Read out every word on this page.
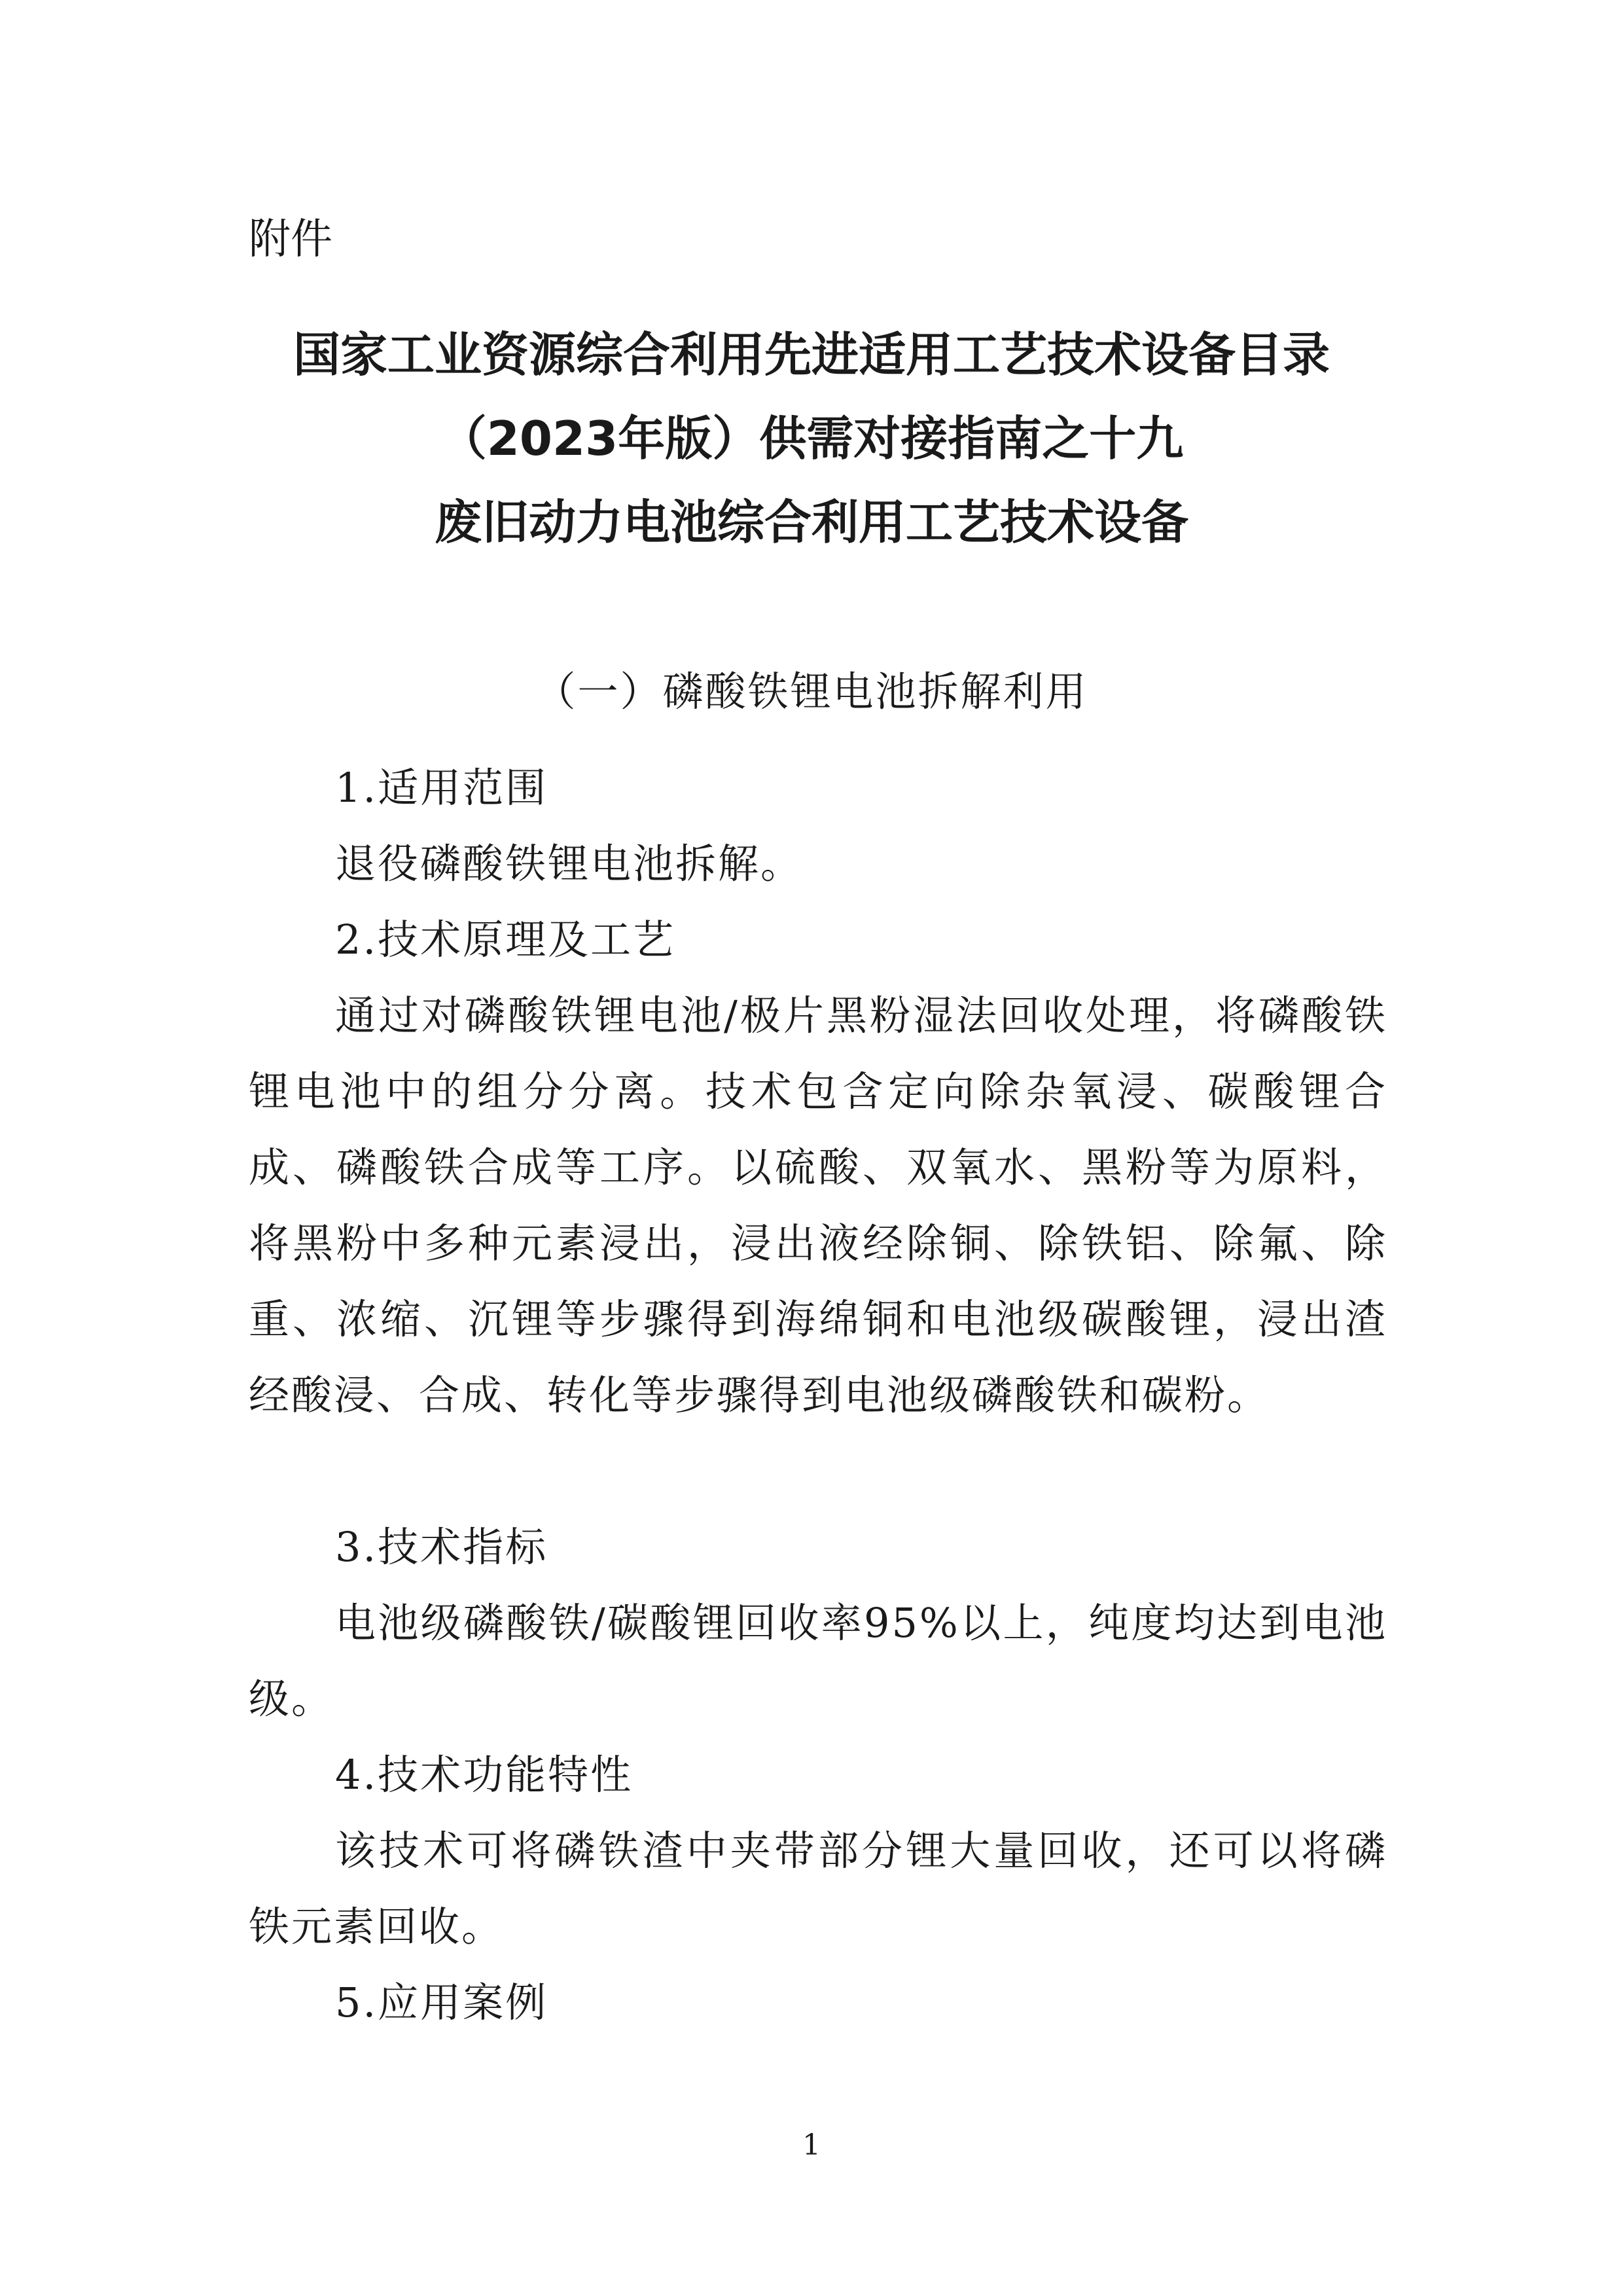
附件

国家工业资源综合利用先进适用工艺技术设备目录

（2023年版）供需对接指南之十九

废旧动力电池综合利用工艺技术设备

（一）磷酸铁锂电池拆解利用

1.适用范围

退役磷酸铁锂电池拆解。

2.技术原理及工艺

通过对磷酸铁锂电池/极片黑粉湿法回收处理，将磷酸铁锂电池中的组分分离。技术包含定向除杂氧浸、碳酸锂合成、磷酸铁合成等工序。以硫酸、双氧水、黑粉等为原料，将黑粉中多种元素浸出，浸出液经除铜、除铁铝、除氟、除重、浓缩、沉锂等步骤得到海绵铜和电池级碳酸锂，浸出渣经酸浸、合成、转化等步骤得到电池级磷酸铁和碳粉。

3.技术指标

电池级磷酸铁/碳酸锂回收率95%以上，纯度均达到电池级。

4.技术功能特性

该技术可将磷铁渣中夹带部分锂大量回收，还可以将磷铁元素回收。

5.应用案例

1
